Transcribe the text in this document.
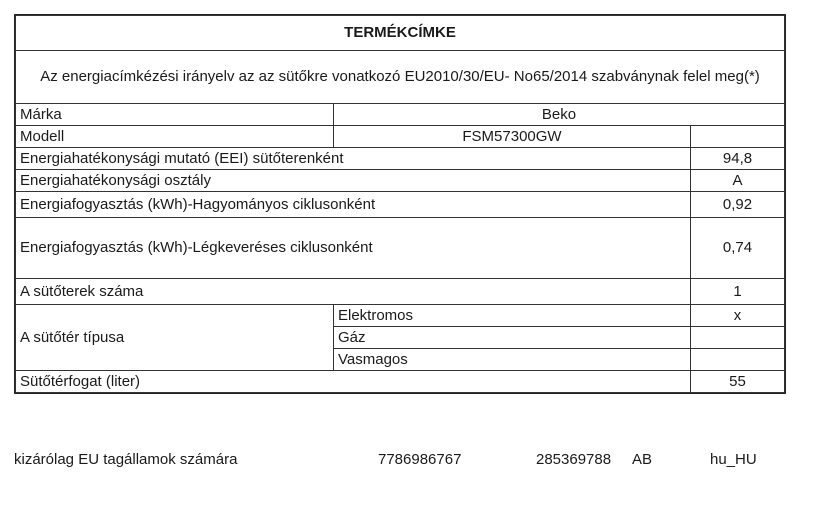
TERMÉKCÍMKE		
Az energiacímkézési irányelv az az sütőkre vonatkozó EU2010/30/EU- No65/2014 szabványnak felel meg(*)		
Márka	Beko	
Modell	FSM57300GW	
Energiahatékonysági mutató (EEI) sütőterenként		94,8
Energiahatékonysági osztály		A
Energiafogyasztás (kWh)-Hagyományos ciklusonként		0,92
Energiafogyasztás (kWh)-Légkeveréses ciklusonként		0,74
A sütőterek száma		1
A sütőtér típusa	Elektromos	x
	Gáz	
	Vasmagos	
Sütőtérfogat (liter)		55
kizárólag EU tagállamok számára	7786986767	285369788 AB	hu_HU
